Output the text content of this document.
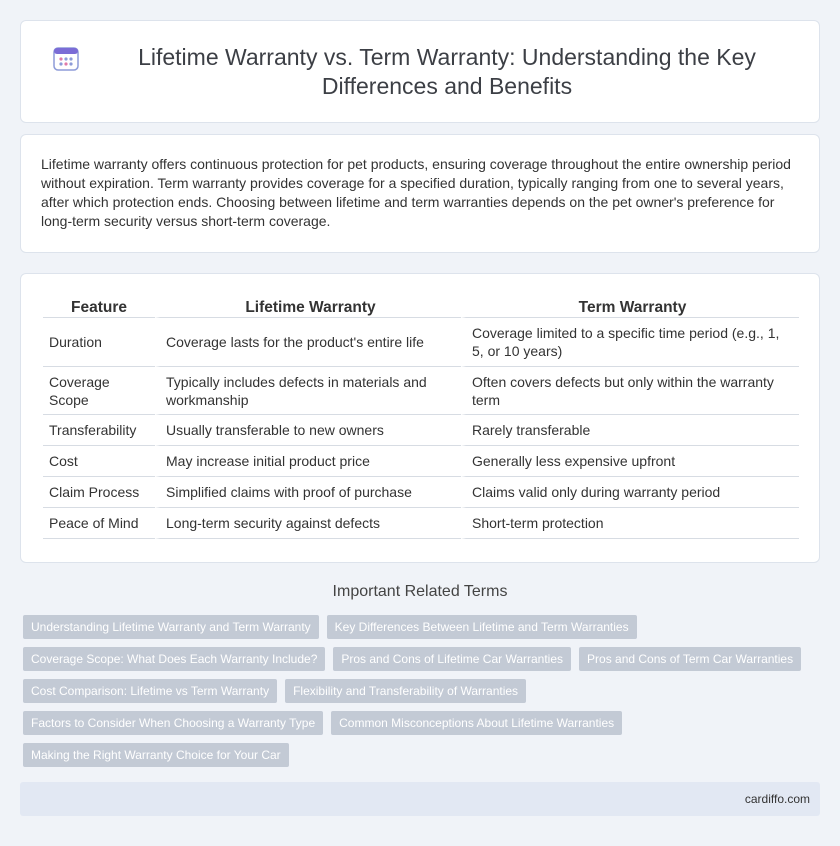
Lifetime Warranty vs. Term Warranty: Understanding the Key Differences and Benefits

Lifetime warranty offers continuous protection for pet products, ensuring coverage throughout the entire ownership period without expiration. Term warranty provides coverage for a specified duration, typically ranging from one to several years, after which protection ends. Choosing between lifetime and term warranties depends on the pet owner's preference for long-term security versus short-term coverage.

Feature	Lifetime Warranty	Term Warranty
Duration	Coverage lasts for the product's entire life	Coverage limited to a specific time period (e.g., 1, 5, or 10 years)
Coverage Scope	Typically includes defects in materials and workmanship	Often covers defects but only within the warranty term
Transferability	Usually transferable to new owners	Rarely transferable
Cost	May increase initial product price	Generally less expensive upfront
Claim Process	Simplified claims with proof of purchase	Claims valid only during warranty period
Peace of Mind	Long-term security against defects	Short-term protection
Important Related Terms
Understanding Lifetime Warranty and Term Warranty	Key Differences Between Lifetime and Term Warranties
Coverage Scope: What Does Each Warranty Include?	Pros and Cons of Lifetime Car Warranties	Pros and Cons of Term Car Warranties
Cost Comparison: Lifetime vs Term Warranty	Flexibility and Transferability of Warranties
Factors to Consider When Choosing a Warranty Type	Common Misconceptions About Lifetime Warranties
Making the Right Warranty Choice for Your Car
cardiffo.com
